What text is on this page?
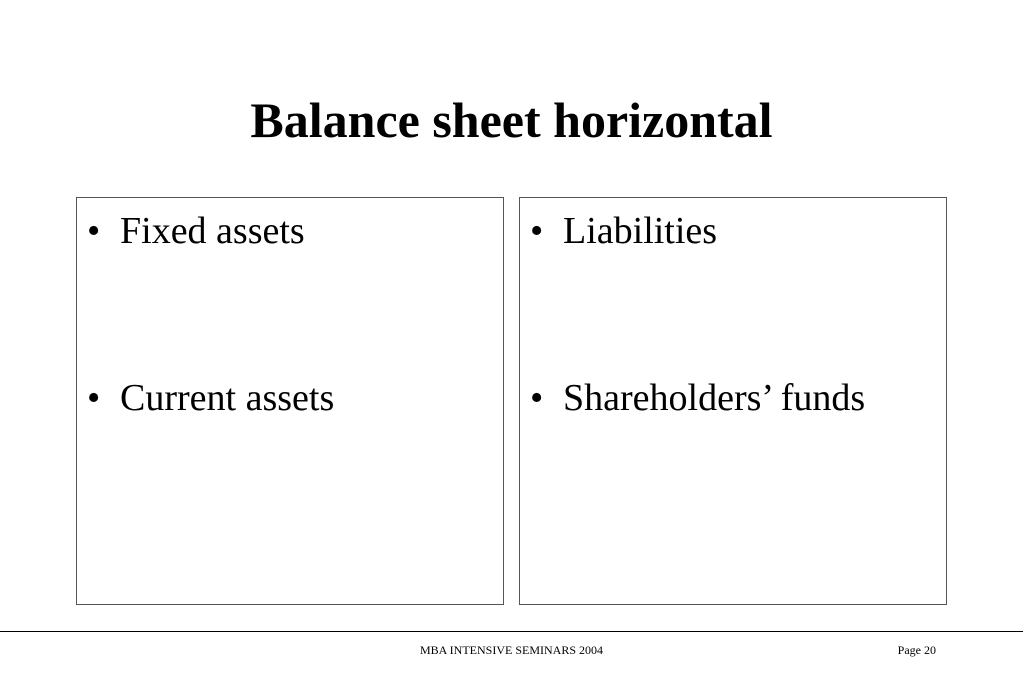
Balance sheet horizontal
• Fixed assets
• Current assets
• Liabilities
• Shareholders’ funds
MBA INTENSIVE SEMINARS 2004	Page 20
